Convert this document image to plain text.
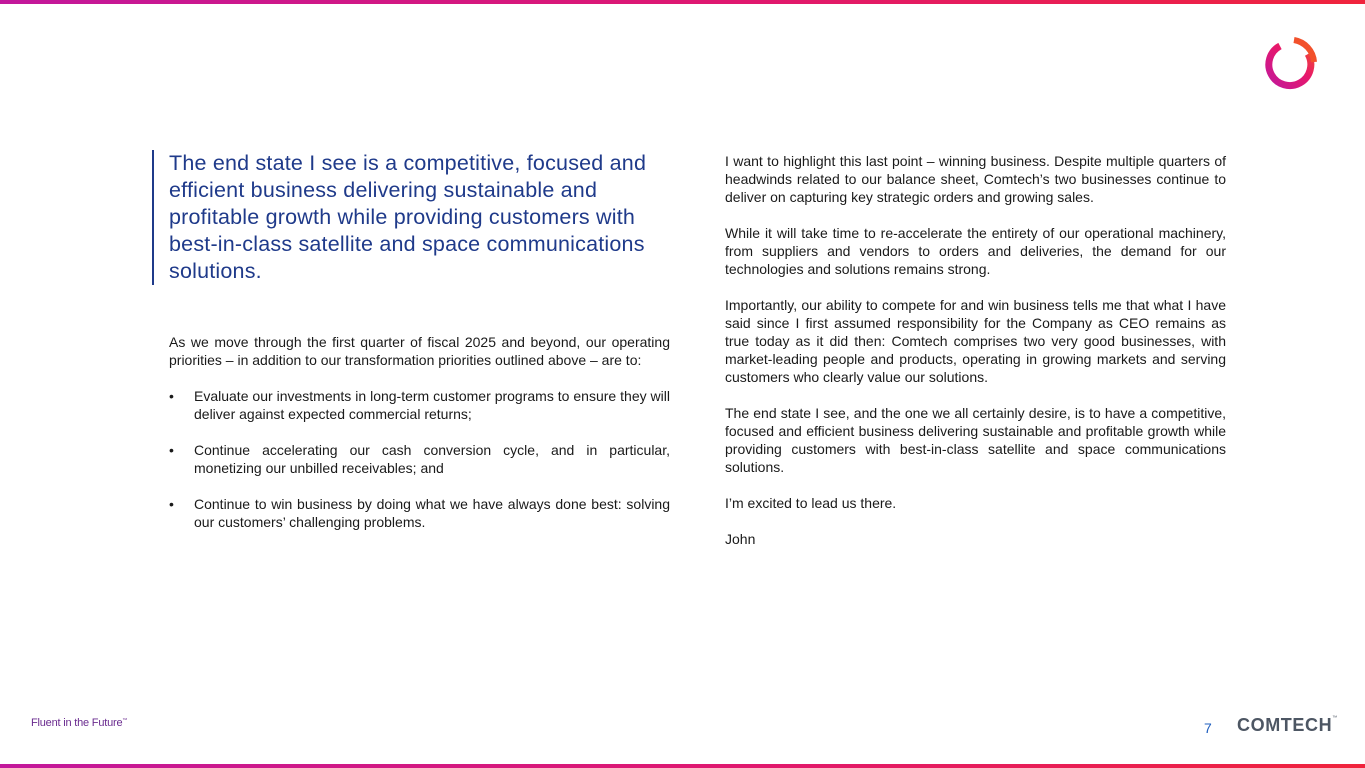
The end state I see is a competitive, focused and efficient business delivering sustainable and profitable growth while providing customers with best-in-class satellite and space communications solutions.

As we move through the first quarter of fiscal 2025 and beyond, our operating priorities – in addition to our transformation priorities outlined above – are to:

• Evaluate our investments in long-term customer programs to ensure they will deliver against expected commercial returns;
• Continue accelerating our cash conversion cycle, and in particular, monetizing our unbilled receivables; and
• Continue to win business by doing what we have always done best: solving our customers’ challenging problems.

I want to highlight this last point – winning business. Despite multiple quarters of headwinds related to our balance sheet, Comtech’s two businesses continue to deliver on capturing key strategic orders and growing sales.

While it will take time to re-accelerate the entirety of our operational machinery, from suppliers and vendors to orders and deliveries, the demand for our technologies and solutions remains strong.

Importantly, our ability to compete for and win business tells me that what I have said since I first assumed responsibility for the Company as CEO remains as true today as it did then: Comtech comprises two very good businesses, with market-leading people and products, operating in growing markets and serving customers who clearly value our solutions.

The end state I see, and the one we all certainly desire, is to have a competitive, focused and efficient business delivering sustainable and profitable growth while providing customers with best-in-class satellite and space communications solutions.

I’m excited to lead us there.

John

Fluent in the Future™	7 COMTECH™
